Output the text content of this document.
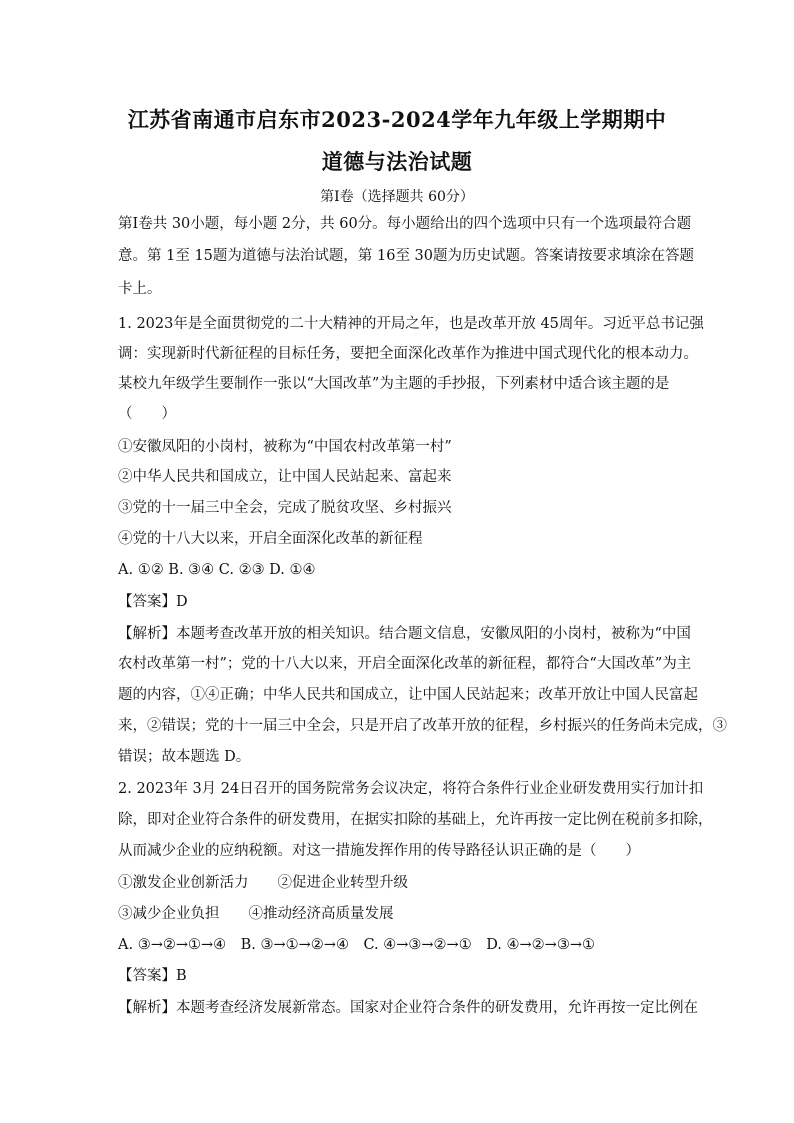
江苏省南通市启东市2023-2024学年九年级上学期期中
道德与法治试题
第Ⅰ卷（选择题共 60分）
第Ⅰ卷共 30小题，每小题 2分，共 60分。每小题给出的四个选项中只有一个选项最符合题
意。第 1至 15题为道德与法治试题，第 16至 30题为历史试题。答案请按要求填涂在答题
卡上。
1. 2023年是全面贯彻党的二十大精神的开局之年，也是改革开放 45周年。习近平总书记强
调：实现新时代新征程的目标任务，要把全面深化改革作为推进中国式现代化的根本动力。
某校九年级学生要制作一张以“大国改革”为主题的手抄报，下列素材中适合该主题的是
（　　）
①安徽凤阳的小岗村，被称为“中国农村改革第一村”
②中华人民共和国成立，让中国人民站起来、富起来
③党的十一届三中全会，完成了脱贫攻坚、乡村振兴
④党的十八大以来，开启全面深化改革的新征程
A. ①② B. ③④ C. ②③ D. ①④
【答案】D
【解析】本题考查改革开放的相关知识。结合题文信息，安徽凤阳的小岗村，被称为“中国
农村改革第一村”；党的十八大以来，开启全面深化改革的新征程，都符合“大国改革”为主
题的内容，①④正确；中华人民共和国成立，让中国人民站起来；改革开放让中国人民富起
来，②错误；党的十一届三中全会，只是开启了改革开放的征程，乡村振兴的任务尚未完成，③
错误；故本题选 D。
2. 2023年 3月 24日召开的国务院常务会议决定，将符合条件行业企业研发费用实行加计扣
除，即对企业符合条件的研发费用，在据实扣除的基础上，允许再按一定比例在税前多扣除，
从而减少企业的应纳税额。对这一措施发挥作用的传导路径认识正确的是（　　）
①激发企业创新活力　　②促进企业转型升级
③减少企业负担　　④推动经济高质量发展
A. ③→②→①→④　B. ③→①→②→④　C. ④→③→②→①　D. ④→②→③→①
【答案】B
【解析】本题考查经济发展新常态。国家对企业符合条件的研发费用，允许再按一定比例在
